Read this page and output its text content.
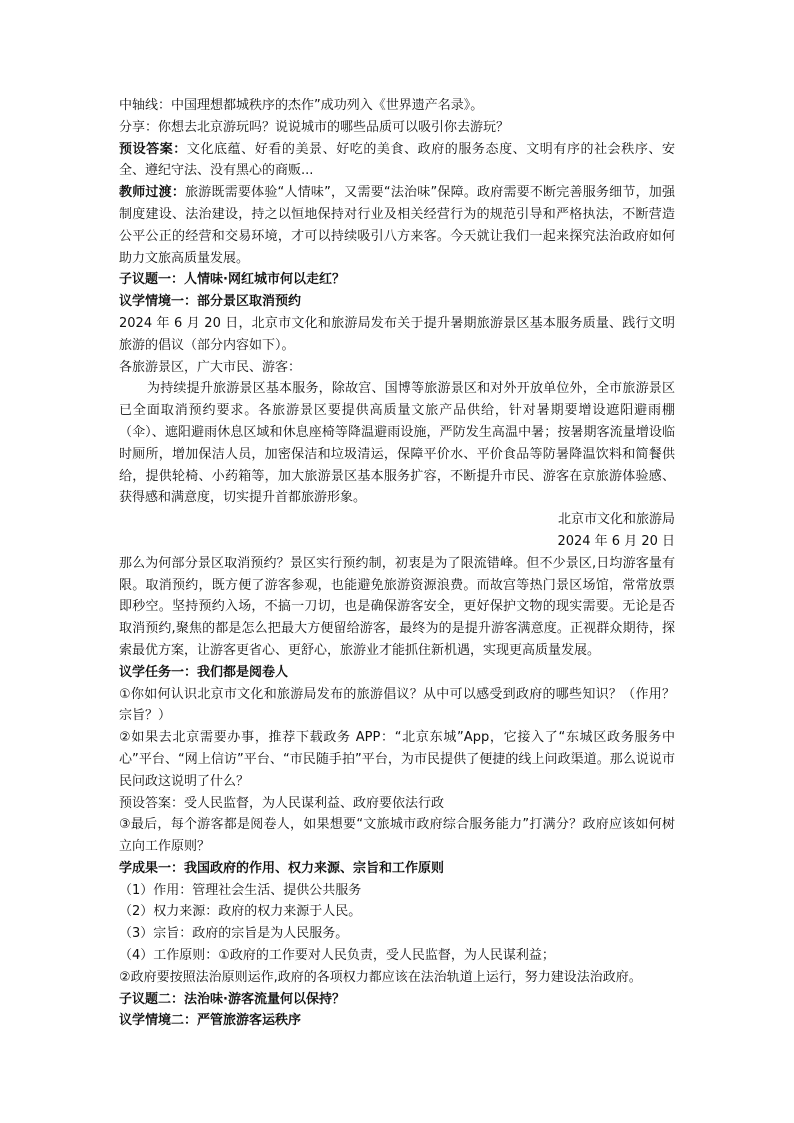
中轴线：中国理想都城秩序的杰作”成功列入《世界遗产名录》。

分享：你想去北京游玩吗？说说城市的哪些品质可以吸引你去游玩？

预设答案：文化底蕴、好看的美景、好吃的美食、政府的服务态度、文明有序的社会秩序、安全、遵纪守法、没有黑心的商贩...

教师过渡：旅游既需要体验“人情味”，又需要“法治味”保障。政府需要不断完善服务细节，加强制度建设、法治建设，持之以恒地保持对行业及相关经营行为的规范引导和严格执法，不断营造公平公正的经营和交易环境，才可以持续吸引八方来客。今天就让我们一起来探究法治政府如何助力文旅高质量发展。

子议题一：人情味·网红城市何以走红？

议学情境一：部分景区取消预约

2024 年 6 月 20 日，北京市文化和旅游局发布关于提升暑期旅游景区基本服务质量、践行文明旅游的倡议（部分内容如下）。

各旅游景区，广大市民、游客：

为持续提升旅游景区基本服务，除故宫、国博等旅游景区和对外开放单位外，全市旅游景区已全面取消预约要求。各旅游景区要提供高质量文旅产品供给，针对暑期要增设遮阳避雨棚（伞）、遮阳避雨休息区域和休息座椅等降温避雨设施，严防发生高温中暑；按暑期客流量增设临时厕所，增加保洁人员，加密保洁和垃圾清运，保障平价水、平价食品等防暑降温饮料和简餐供给，提供轮椅、小药箱等，加大旅游景区基本服务扩容，不断提升市民、游客在京旅游体验感、获得感和满意度，切实提升首都旅游形象。

北京市文化和旅游局

2024 年 6 月 20 日

那么为何部分景区取消预约？景区实行预约制，初衷是为了限流错峰。但不少景区,日均游客量有限。取消预约，既方便了游客参观，也能避免旅游资源浪费。而故宫等热门景区场馆，常常放票即秒空。坚持预约入场，不搞一刀切，也是确保游客安全，更好保护文物的现实需要。无论是否取消预约,聚焦的都是怎么把最大方便留给游客，最终为的是提升游客满意度。正视群众期待，探索最优方案，让游客更省心、更舒心，旅游业才能抓住新机遇，实现更高质量发展。

议学任务一：我们都是阅卷人

①你如何认识北京市文化和旅游局发布的旅游倡议？从中可以感受到政府的哪些知识？（作用？宗旨？）

②如果去北京需要办事，推荐下载政务 APP：“北京东城”App，它接入了“东城区政务服务中心”平台、“网上信访”平台、“市民随手拍”平台，为市民提供了便捷的线上问政渠道。那么说说市民问政这说明了什么？

预设答案：受人民监督，为人民谋利益、政府要依法行政

③最后，每个游客都是阅卷人，如果想要“文旅城市政府综合服务能力”打满分？政府应该如何树立向工作原则？

学成果一：我国政府的作用、权力来源、宗旨和工作原则

（1）作用：管理社会生活、提供公共服务

（2）权力来源：政府的权力来源于人民。

（3）宗旨：政府的宗旨是为人民服务。

（4）工作原则：①政府的工作要对人民负责，受人民监督，为人民谋利益；

②政府要按照法治原则运作,政府的各项权力都应该在法治轨道上运行，努力建设法治政府。

子议题二：法治味·游客流量何以保持？

议学情境二：严管旅游客运秩序
